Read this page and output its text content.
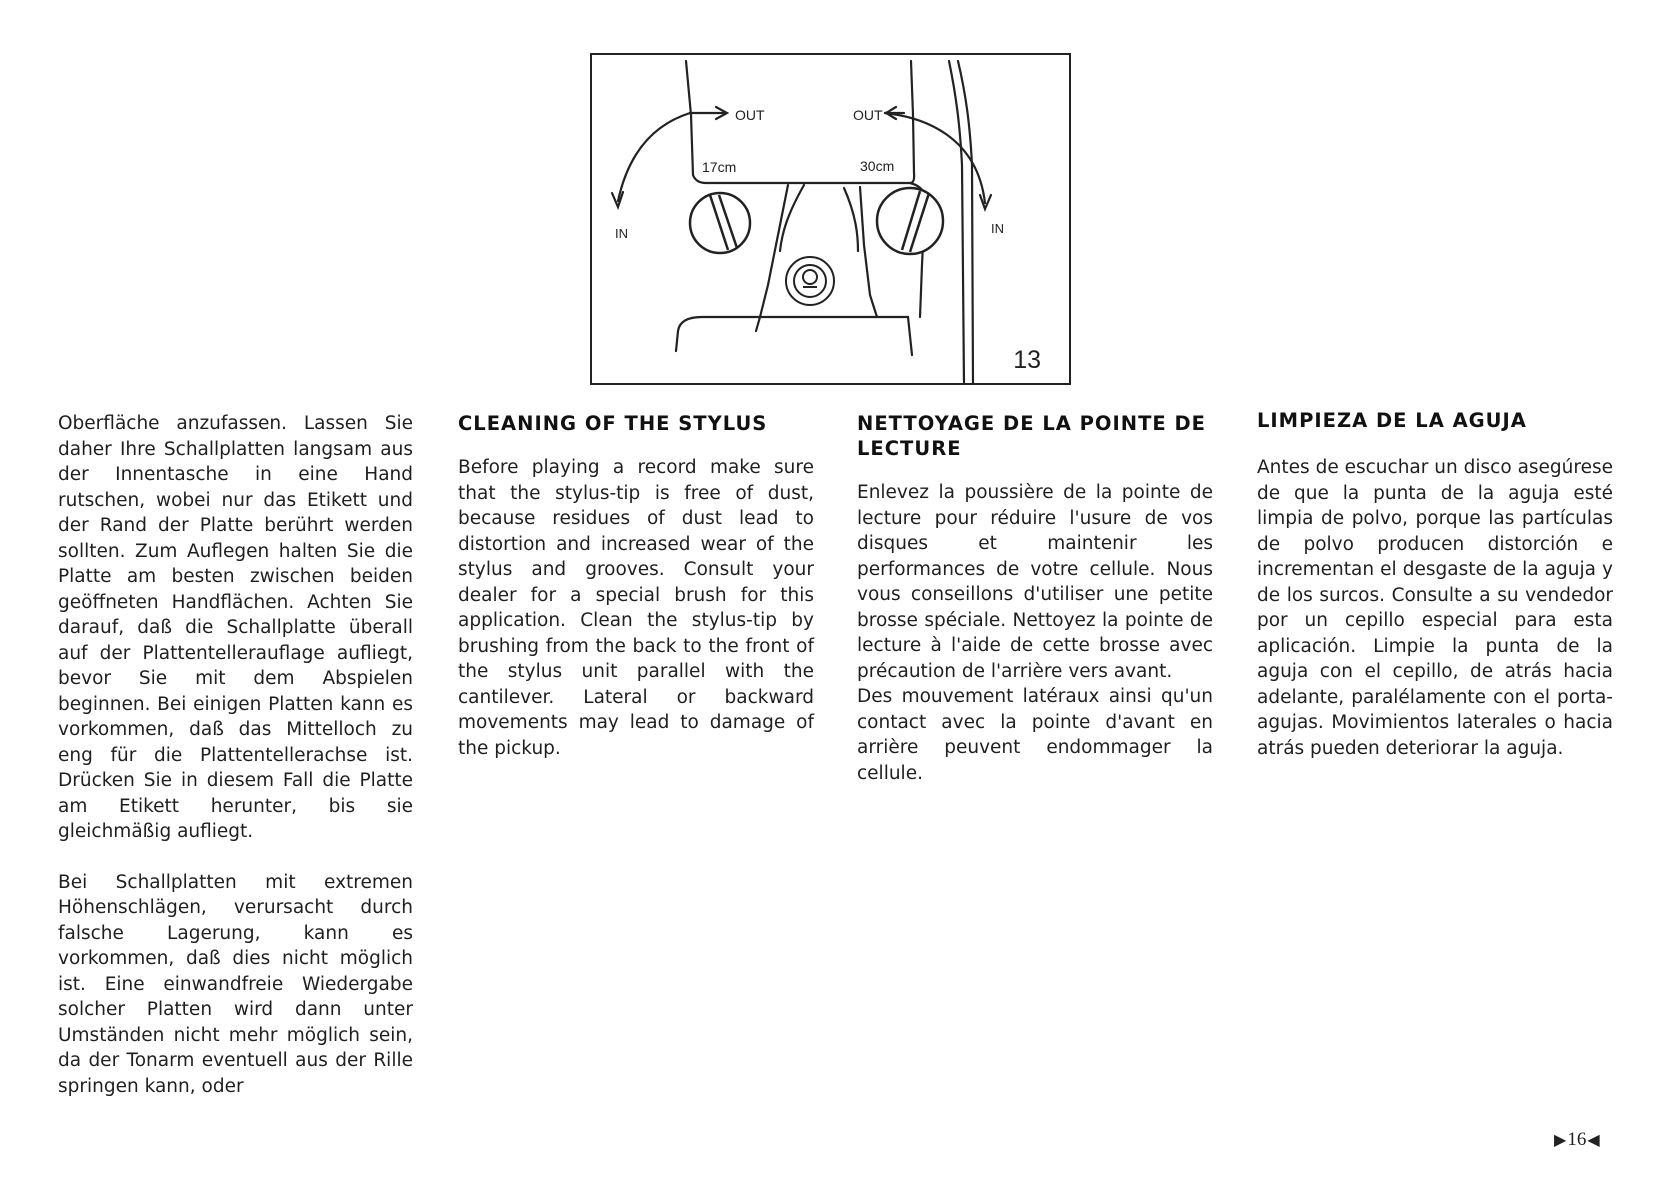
OUT	OUT
IN	IN
17cm	30cm
13

Oberfläche anzufassen. Lassen Sie daher Ihre Schallplatten langsam aus der Innentasche in eine Hand rutschen, wobei nur das Etikett und der Rand der Platte berührt werden sollten. Zum Auflegen halten Sie die Platte am besten zwischen beiden geöffneten Handflächen. Achten Sie darauf, daß die Schallplatte überall auf der Plattentellerauflage aufliegt, bevor Sie mit dem Abspielen beginnen. Bei einigen Platten kann es vorkommen, daß das Mittelloch zu eng für die Plattentellerachse ist. Drücken Sie in diesem Fall die Platte am Etikett herunter, bis sie gleichmäßig aufliegt.

Bei Schallplatten mit extremen Höhenschlägen, verursacht durch falsche Lagerung, kann es vorkommen, daß dies nicht möglich ist. Eine einwandfreie Wiedergabe solcher Platten wird dann unter Umständen nicht mehr möglich sein, da der Tonarm eventuell aus der Rille springen kann, oder

CLEANING OF THE STYLUS

Before playing a record make sure that the stylus-tip is free of dust, because residues of dust lead to distortion and increased wear of the stylus and grooves. Consult your dealer for a special brush for this application. Clean the stylus-tip by brushing from the back to the front of the stylus unit parallel with the cantilever. Lateral or backward movements may lead to damage of the pickup.

NETTOYAGE DE LA POINTE DE LECTURE

Enlevez la poussière de la pointe de lecture pour réduire l'usure de vos disques et maintenir les performances de votre cellule. Nous vous conseillons d'utiliser une petite brosse spéciale. Nettoyez la pointe de lecture à l'aide de cette brosse avec précaution de l'arrière vers avant.

Des mouvement latéraux ainsi qu'un contact avec la pointe d'avant en arrière peuvent endommager la cellule.

LIMPIEZA DE LA AGUJA

Antes de escuchar un disco asegúrese de que la punta de la aguja esté limpia de polvo, porque las partículas de polvo producen distorción e incrementan el desgaste de la aguja y de los surcos. Consulte a su vendedor por un cepillo especial para esta aplicación. Limpie la punta de la aguja con el cepillo, de atrás hacia adelante, paralélamente con el porta-agujas. Movimientos laterales o hacia atrás pueden deteriorar la aguja.

▶ 16 ◀
